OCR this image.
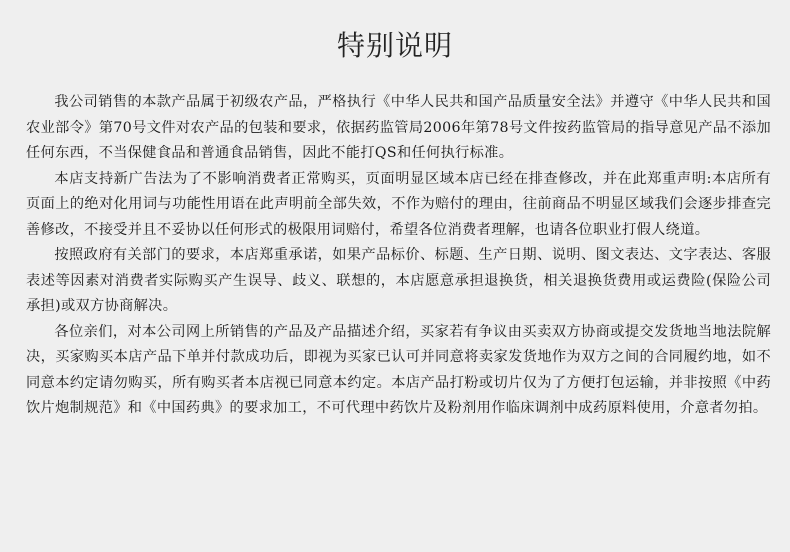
特别说明

我公司销售的本款产品属于初级农产品，严格执行《中华人民共和国产品质量安全法》并遵守《中华人民共和国农业部令》第70号文件对农产品的包装和要求，依据药监管局2006年第78号文件按药监管局的指导意见产品不添加任何东西，不当保健食品和普通食品销售，因此不能打QS和任何执行标准。

本店支持新广告法为了不影响消费者正常购买，页面明显区域本店已经在排查修改，并在此郑重声明:本店所有页面上的绝对化用词与功能性用语在此声明前全部失效，不作为赔付的理由，往前商品不明显区域我们会逐步排查完善修改，不接受并且不妥协以任何形式的极限用词赔付，希望各位消费者理解，也请各位职业打假人绕道。

按照政府有关部门的要求，本店郑重承诺，如果产品标价、标题、生产日期、说明、图文表达、文字表达、客服表述等因素对消费者实际购买产生误导、歧义、联想的，本店愿意承担退换货，相关退换货费用或运费险(保险公司承担)或双方协商解决。

各位亲们，对本公司网上所销售的产品及产品描述介绍，买家若有争议由买卖双方协商或提交发货地当地法院解决，买家购买本店产品下单并付款成功后，即视为买家已认可并同意将卖家发货地作为双方之间的合同履约地，如不同意本约定请勿购买，所有购买者本店视已同意本约定。本店产品打粉或切片仅为了方便打包运输，并非按照《中药饮片炮制规范》和《中国药典》的要求加工，不可代理中药饮片及粉剂用作临床调剂中成药原料使用，介意者勿拍。
